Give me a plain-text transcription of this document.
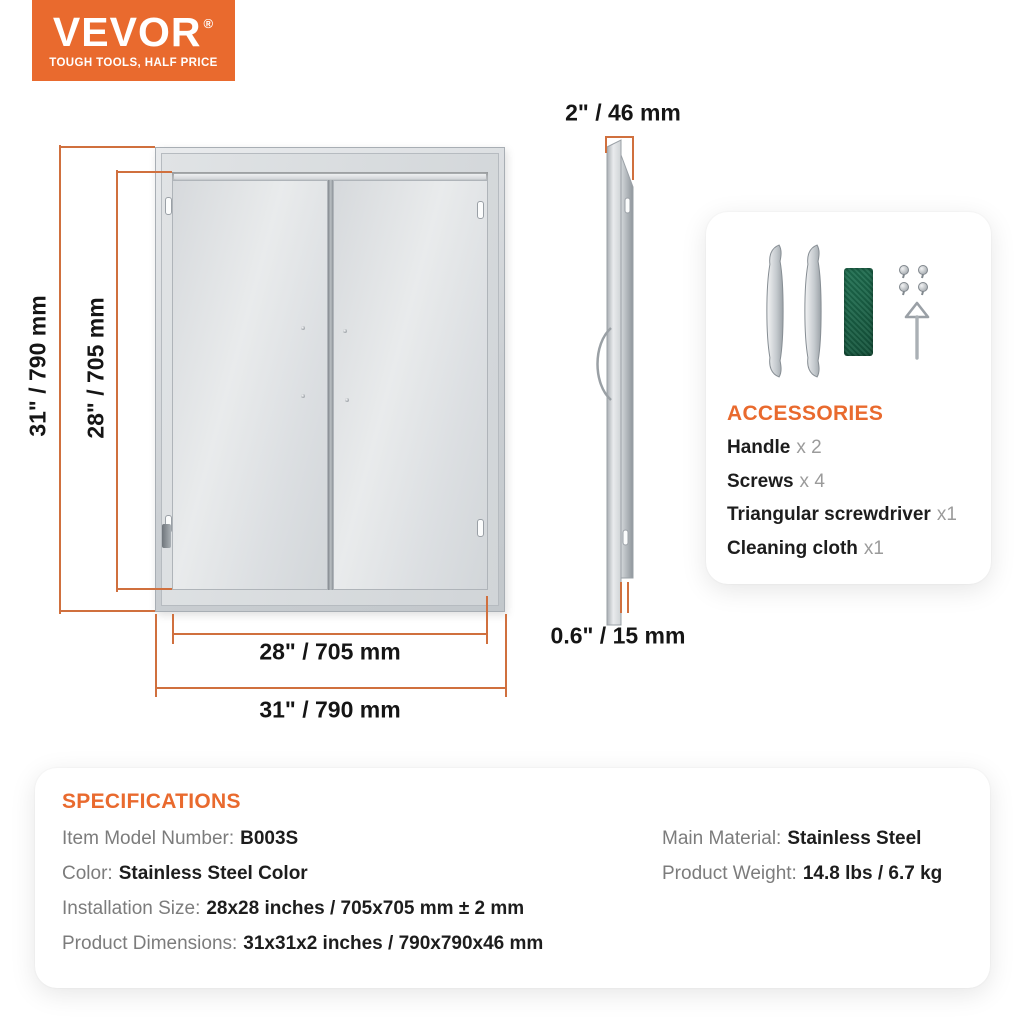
VEVOR ®
TOUGH TOOLS, HALF PRICE
31" / 790 mm 28" / 705 mm
28" / 705 mm
31" / 790 mm
2" / 46 mm
0.6" / 15 mm
ACCESSORIES
Handle x 2
Screws x 4
Triangular screwdriver x1
Cleaning cloth x1
SPECIFICATIONS
Item Model Number: B003S
Color: Stainless Steel Color
Installation Size: 28x28 inches / 705x705 mm ± 2 mm
Product Dimensions: 31x31x2 inches / 790x790x46 mm
Main Material: Stainless Steel
Product Weight: 14.8 lbs / 6.7 kg
